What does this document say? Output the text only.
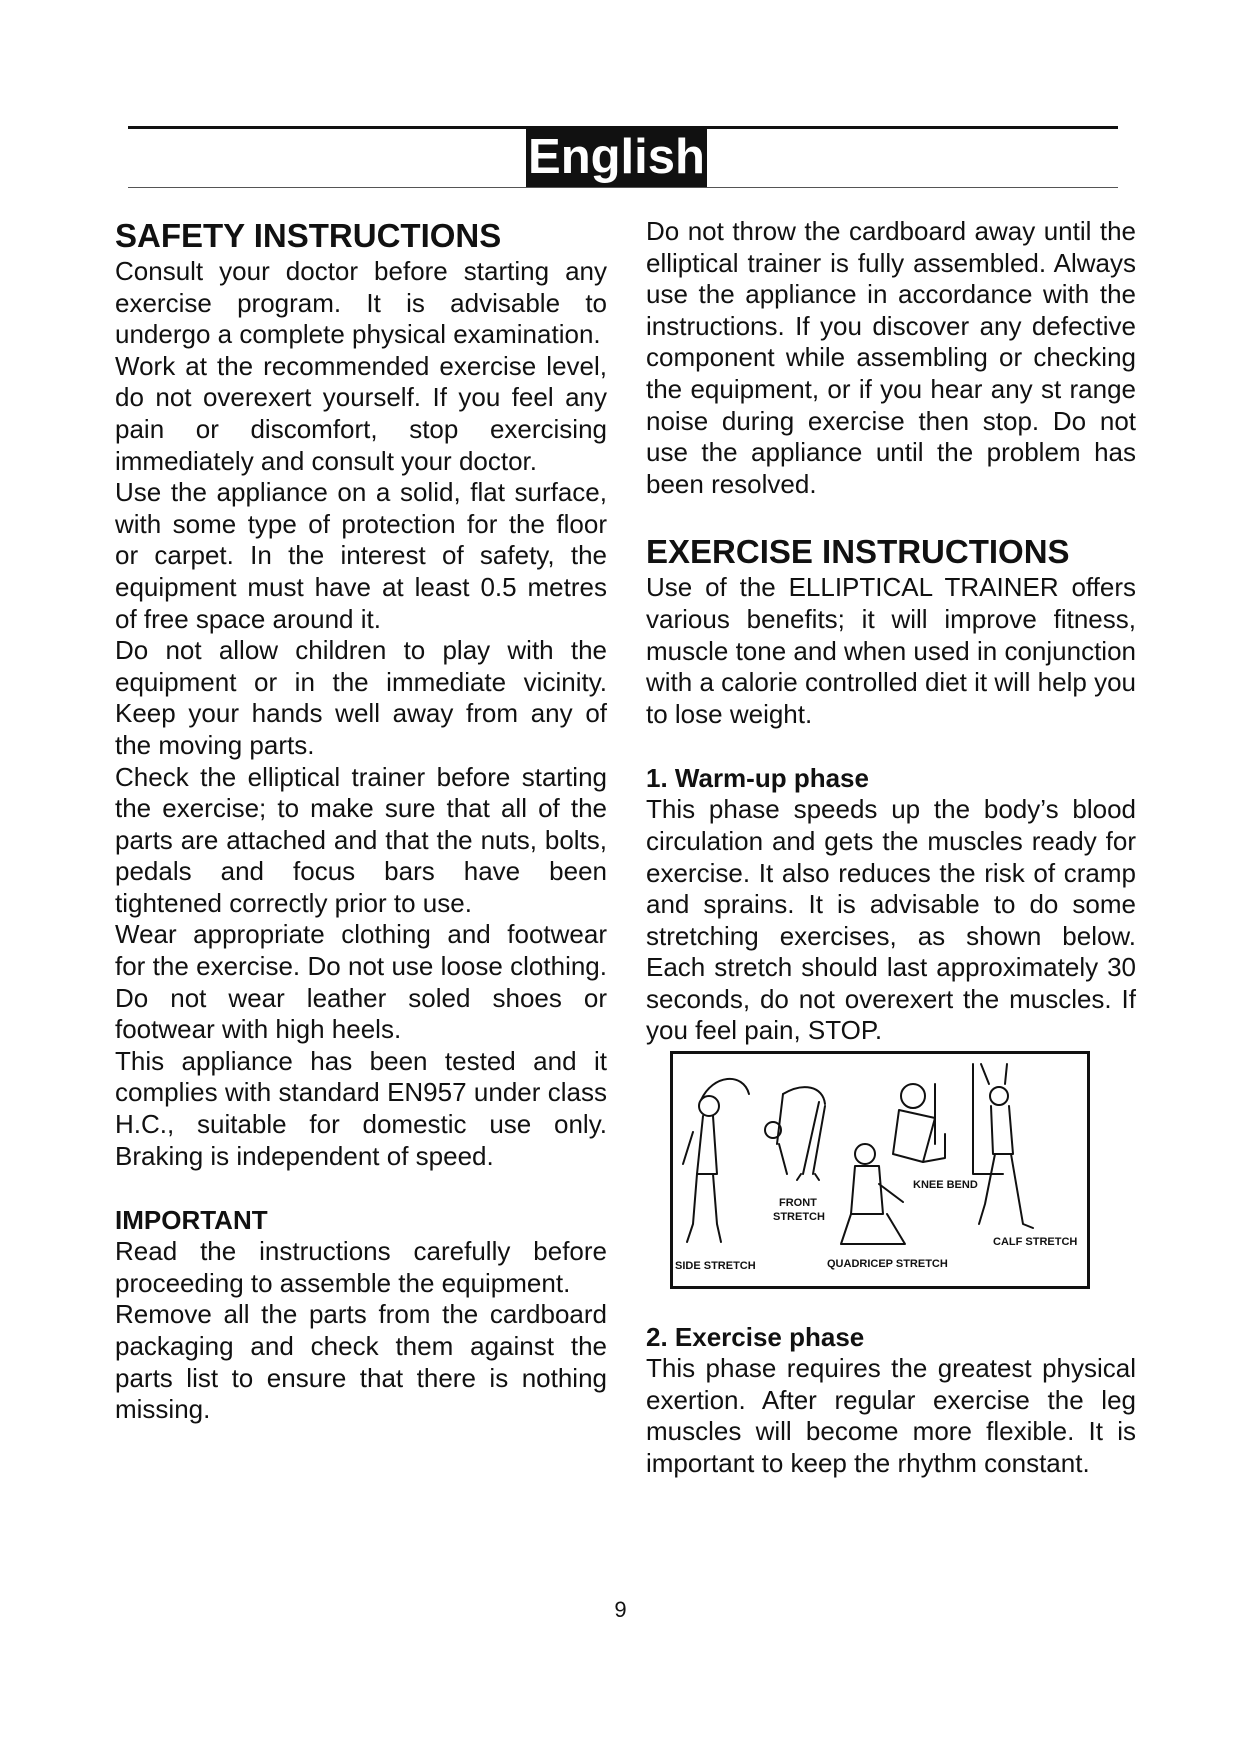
English
SAFETY INSTRUCTIONS

Consult your doctor before starting any exercise program. It is advisable to undergo a complete physical examination.

Work at the recommended exercise level, do not overexert yourself. If you feel any pain or discomfort, stop exercising immediately and consult your doctor.

Use the appliance on a solid, flat surface, with some type of protection for the floor or carpet. In the interest of safety, the equipment must have at least 0.5 metres of free space around it.

Do not allow children to play with the equipment or in the immediate vicinity. Keep your hands well away from any of the moving parts.

Check the elliptical trainer before starting the exercise; to make sure that all of the parts are attached and that the nuts, bolts, pedals and focus bars have been tightened correctly prior to use.

Wear appropriate clothing and footwear for the exercise. Do not use loose clothing. Do not wear leather soled shoes or footwear with high heels.

This appliance has been tested and it complies with standard EN957 under class H.C., suitable for domestic use only. Braking is independent of speed.

IMPORTANT

Read the instructions carefully before proceeding to assemble the equipment.

Remove all the parts from the cardboard packaging and check them against the parts list to ensure that there is nothing missing.

Do not throw the cardboard away until the elliptical trainer is fully assembled. Always use the appliance in accordance with the instructions. If you discover any defective component while assembling or checking the equipment, or if you hear any st range noise during exercise then stop. Do not use the appliance until the problem has been resolved.

EXERCISE INSTRUCTIONS

Use of the ELLIPTICAL TRAINER offers various benefits; it will improve fitness, muscle tone and when used in conjunction with a calorie controlled diet it will help you to lose weight.

1. Warm-up phase

This phase speeds up the body’s blood circulation and gets the muscles ready for exercise. It also reduces the risk of cramp and sprains. It is advisable to do some stretching exercises, as shown below. Each stretch should last approximately 30 seconds, do not overexert the muscles. If you feel pain, STOP.

SIDE STRETCH
FRONT
STRETCH
QUADRICEP STRETCH
KNEE BEND
CALF STRETCH
2. Exercise phase

This phase requires the greatest physical exertion. After regular exercise the leg muscles will become more flexible. It is important to keep the rhythm constant.

9
